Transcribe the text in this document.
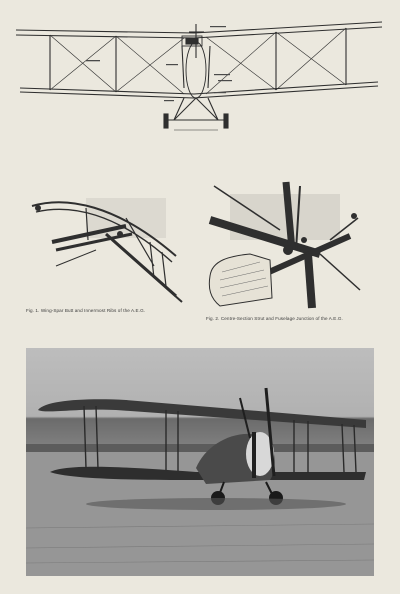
Fig. 1. Wing-Spar Butt and Innermost Ribs of the A.E.G.
Fig. 2. Centre-Section Strut and Fuselage Junction of the A.E.G.
